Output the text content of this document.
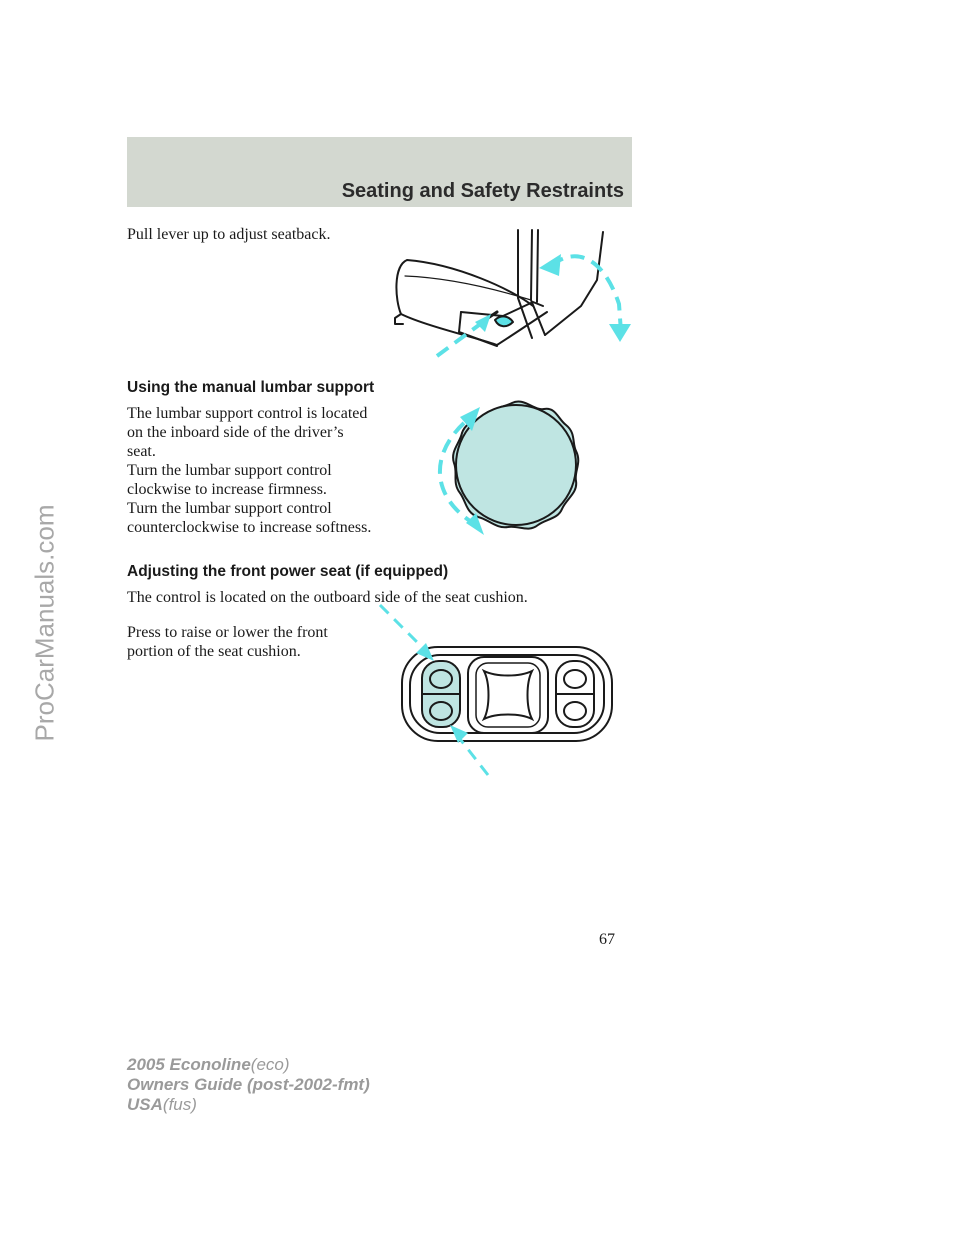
ProCarManuals.com
Seating and Safety Restraints
Pull lever up to adjust seatback.
Using the manual lumbar support
The lumbar support control is located on the inboard side of the driver’s seat.
Turn the lumbar support control clockwise to increase firmness.
Turn the lumbar support control counterclockwise to increase softness.
Adjusting the front power seat (if equipped)
The control is located on the outboard side of the seat cushion.
Press to raise or lower the front portion of the seat cushion.
67
2005 Econoline(eco)
Owners Guide (post-2002-fmt)
USA(fus)
